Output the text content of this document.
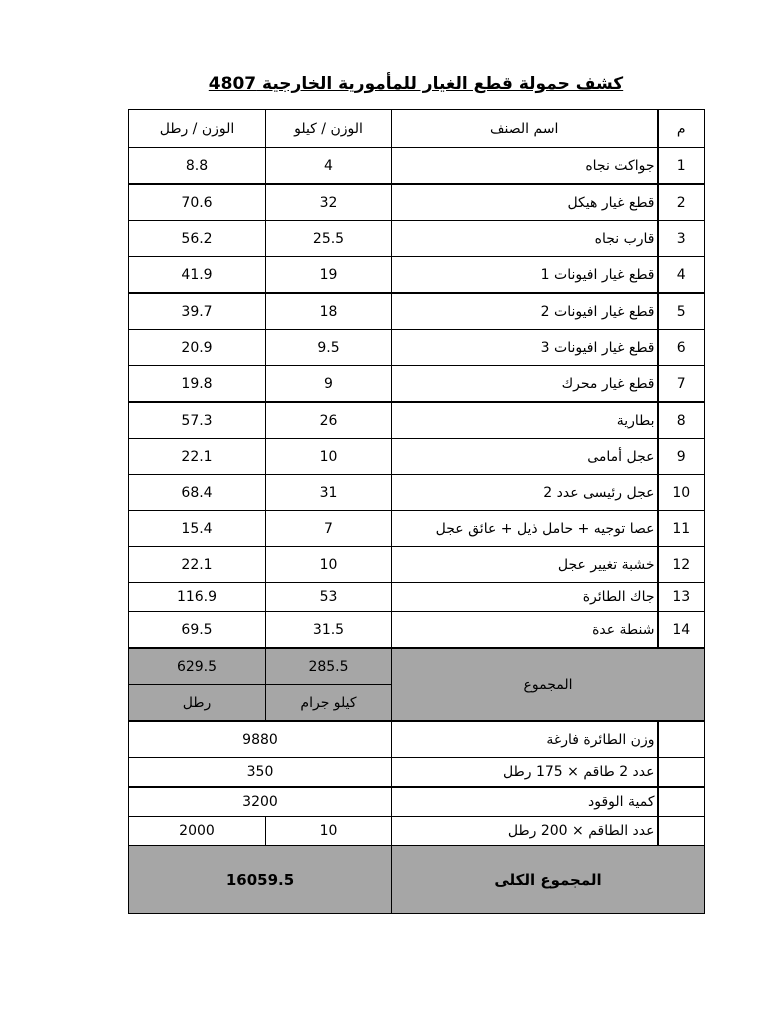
كشف حمولة قطع الغيار للمأمورية الخارجية 4807
م	اسم الصنف	الوزن / كيلو	الوزن / رطل
1	جواكت نجاه	4	8.8
2	قطع غيار هيكل	32	70.6
3	قارب نجاه	25.5	56.2
4	قطع غيار افيونات 1	19	41.9
5	قطع غيار افيونات 2	18	39.7
6	قطع غيار افيونات 3	9.5	20.9
7	قطع غيار محرك	9	19.8
8	بطارية	26	57.3
9	عجل أمامى	10	22.1
10	عجل رئيسى عدد 2	31	68.4
11	عصا توجيه + حامل ذيل + عائق عجل	7	15.4
12	خشبة تغيير عجل	10	22.1
13	جاك الطائرة	53	116.9
14	شنطة عدة	31.5	69.5
المجموع		285.5	629.5
		كيلو جرام	رطل
	وزن الطائرة فارغة	9880	
	عدد 2 طاقم × 175 رطل	350	
	كمية الوقود	3200	
	عدد الطاقم × 200 رطل	10	2000
المجموع الكلى		16059.5	
